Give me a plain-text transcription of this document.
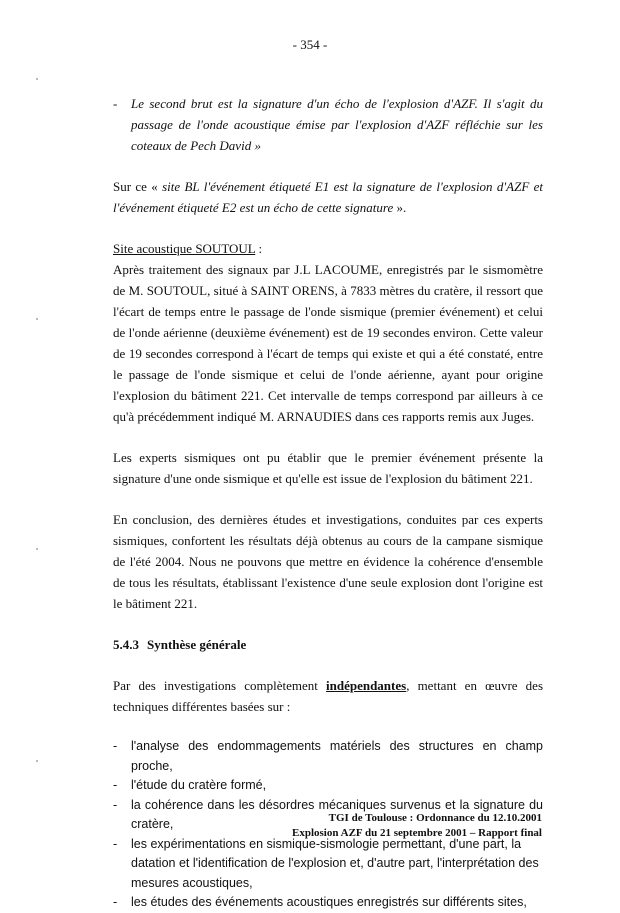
- 354 -
-	Le second brut est la signature d'un écho de l'explosion d'AZF. Il s'agit du passage de l'onde acoustique émise par l'explosion d'AZF réfléchie sur les coteaux de Pech David »

Sur ce « site BL l'événement étiqueté E1 est la signature de l'explosion d'AZF et l'événement étiqueté E2 est un écho de cette signature ».

Site acoustique SOUTOUL :

Après traitement des signaux par J.L LACOUME, enregistrés par le sismomètre de M. SOUTOUL, situé à SAINT ORENS, à 7833 mètres du cratère, il ressort que l'écart de temps entre le passage de l'onde sismique (premier événement) et celui de l'onde aérienne (deuxième événement) est de 19 secondes environ. Cette valeur de 19 secondes correspond à l'écart de temps qui existe et qui a été constaté, entre le passage de l'onde sismique et celui de l'onde aérienne, ayant pour origine l'explosion du bâtiment 221. Cet intervalle de temps correspond par ailleurs à ce qu'à précédemment indiqué M. ARNAUDIES dans ces rapports remis aux Juges.

Les experts sismiques ont pu établir que le premier événement présente la signature d'une onde sismique et qu'elle est issue de l'explosion du bâtiment 221.

En conclusion, des dernières études et investigations, conduites par ces experts sismiques, confortent les résultats déjà obtenus au cours de la campane sismique de l'été 2004. Nous ne pouvons que mettre en évidence la cohérence d'ensemble de tous les résultats, établissant l'existence d'une seule explosion dont l'origine est le bâtiment 221.

5.4.3 Synthèse générale

Par des investigations complètement indépendantes, mettant en œuvre des techniques différentes basées sur :

-	l'analyse des endommagements matériels des structures en champ proche,
-	l'étude du cratère formé,
-	la cohérence dans les désordres mécaniques survenus et la signature du cratère,
-	les expérimentations en sismique-sismologie permettant, d'une part, la datation et l'identification de l'explosion et, d'autre part, l'interprétation des mesures acoustiques,
-	les études des événements acoustiques enregistrés sur différents sites,
TGI de Toulouse : Ordonnance du 12.10.2001
Explosion AZF du 21 septembre 2001 – Rapport final
